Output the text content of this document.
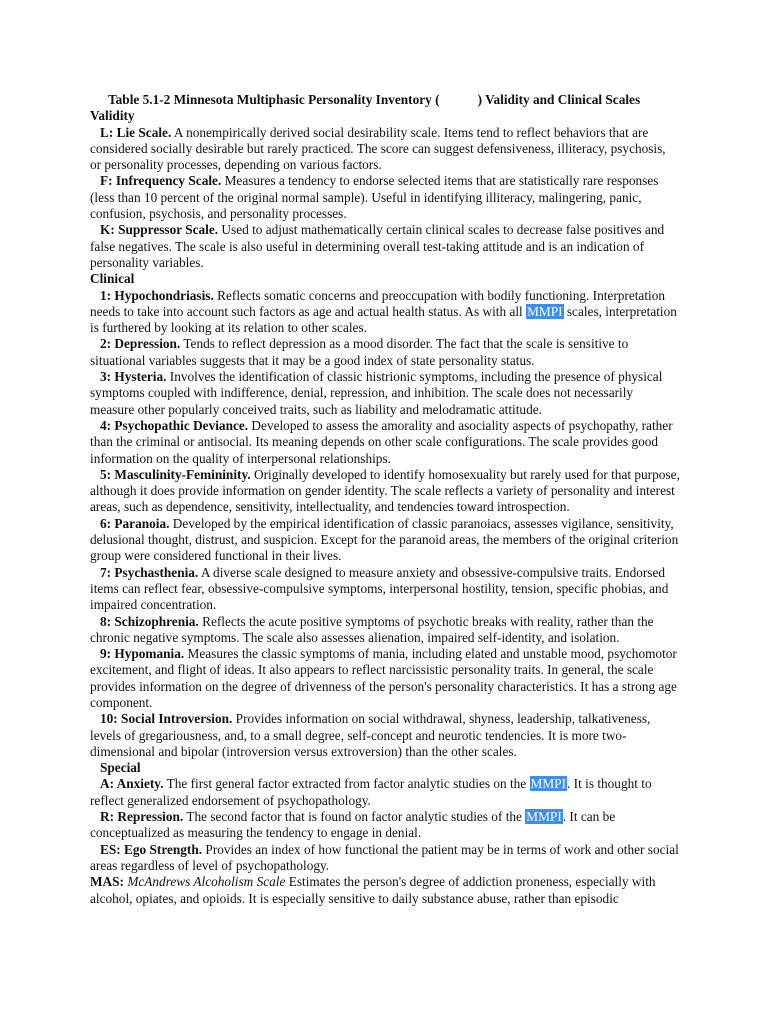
Table 5.1-2 Minnesota Multiphasic Personality Inventory (	) Validity and Clinical Scales
Validity
L: Lie Scale. A nonempirically derived social desirability scale. Items tend to reflect behaviors that are considered socially desirable but rarely practiced. The score can suggest defensiveness, illiteracy, psychosis, or personality processes, depending on various factors.
F: Infrequency Scale. Measures a tendency to endorse selected items that are statistically rare responses (less than 10 percent of the original normal sample). Useful in identifying illiteracy, malingering, panic, confusion, psychosis, and personality processes.
K: Suppressor Scale. Used to adjust mathematically certain clinical scales to decrease false positives and false negatives. The scale is also useful in determining overall test-taking attitude and is an indication of personality variables.
Clinical
1: Hypochondriasis. Reflects somatic concerns and preoccupation with bodily functioning. Interpretation needs to take into account such factors as age and actual health status. As with all MMPI scales, interpretation is furthered by looking at its relation to other scales.
2: Depression. Tends to reflect depression as a mood disorder. The fact that the scale is sensitive to situational variables suggests that it may be a good index of state personality status.
3: Hysteria. Involves the identification of classic histrionic symptoms, including the presence of physical symptoms coupled with indifference, denial, repression, and inhibition. The scale does not necessarily measure other popularly conceived traits, such as liability and melodramatic attitude.
4: Psychopathic Deviance. Developed to assess the amorality and asociality aspects of psychopathy, rather than the criminal or antisocial. Its meaning depends on other scale configurations. The scale provides good information on the quality of interpersonal relationships.
5: Masculinity-Femininity. Originally developed to identify homosexuality but rarely used for that purpose, although it does provide information on gender identity. The scale reflects a variety of personality and interest areas, such as dependence, sensitivity, intellectuality, and tendencies toward introspection.
6: Paranoia. Developed by the empirical identification of classic paranoiacs, assesses vigilance, sensitivity, delusional thought, distrust, and suspicion. Except for the paranoid areas, the members of the original criterion group were considered functional in their lives.
7: Psychasthenia. A diverse scale designed to measure anxiety and obsessive-compulsive traits. Endorsed items can reflect fear, obsessive-compulsive symptoms, interpersonal hostility, tension, specific phobias, and impaired concentration.
8: Schizophrenia. Reflects the acute positive symptoms of psychotic breaks with reality, rather than the chronic negative symptoms. The scale also assesses alienation, impaired self-identity, and isolation.
9: Hypomania. Measures the classic symptoms of mania, including elated and unstable mood, psychomotor excitement, and flight of ideas. It also appears to reflect narcissistic personality traits. In general, the scale provides information on the degree of drivenness of the person's personality characteristics. It has a strong age component.
10: Social Introversion. Provides information on social withdrawal, shyness, leadership, talkativeness, levels of gregariousness, and, to a small degree, self-concept and neurotic tendencies. It is more two-dimensional and bipolar (introversion versus extroversion) than the other scales.
Special
A: Anxiety. The first general factor extracted from factor analytic studies on the MMPI. It is thought to reflect generalized endorsement of psychopathology.
R: Repression. The second factor that is found on factor analytic studies of the MMPI. It can be conceptualized as measuring the tendency to engage in denial.
ES: Ego Strength. Provides an index of how functional the patient may be in terms of work and other social areas regardless of level of psychopathology.
MAS: McAndrews Alcoholism Scale Estimates the person's degree of addiction proneness, especially with alcohol, opiates, and opioids. It is especially sensitive to daily substance abuse, rather than episodic
